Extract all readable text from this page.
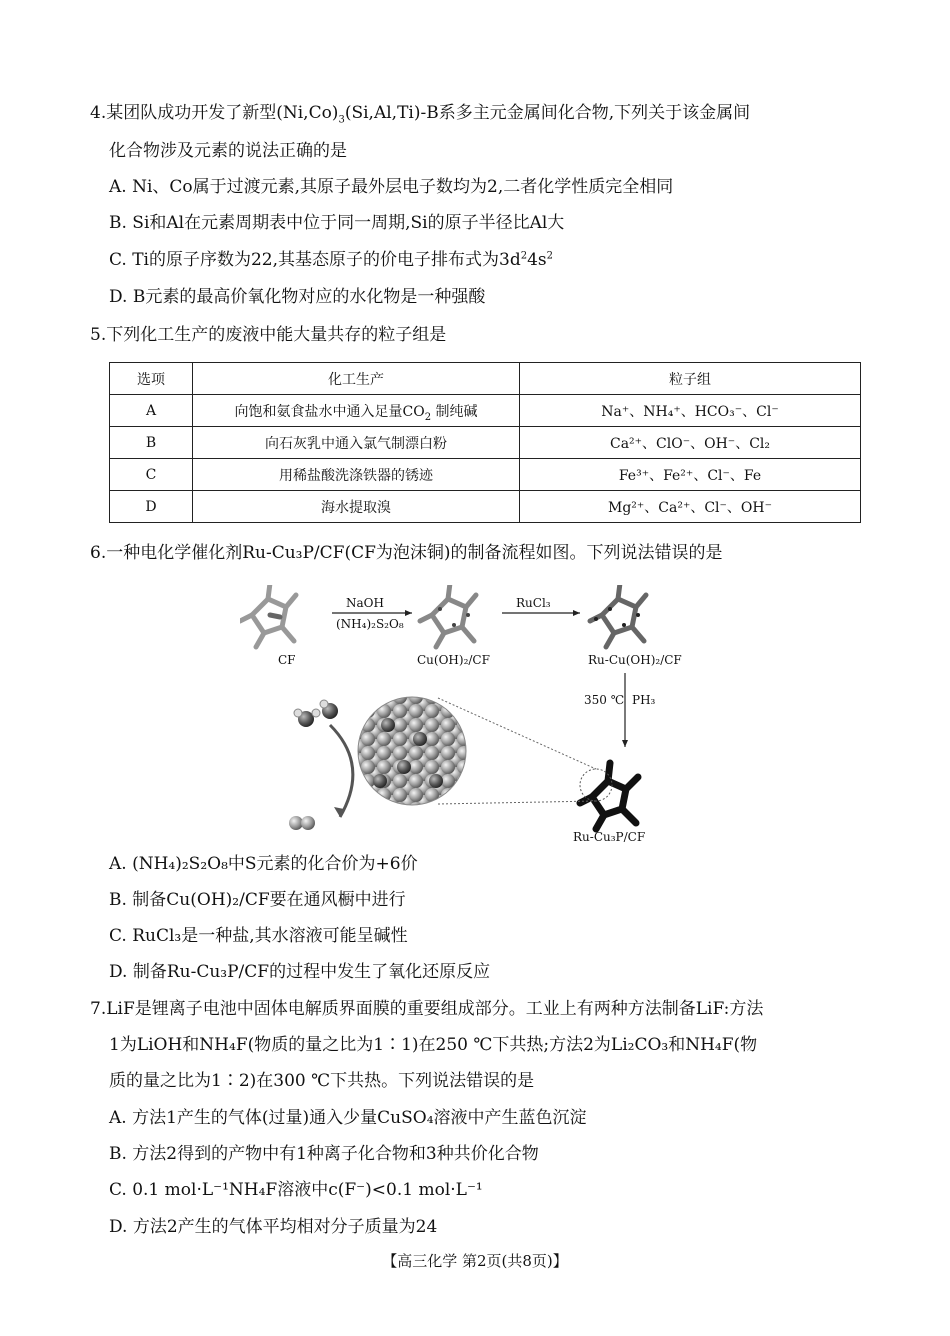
4.某团队成功开发了新型$(Ni,Co)_3(Si,Al,Ti)-B$系多主元金属间化合物,下列关于该金属间
化合物涉及元素的说法正确的是
A. Ni、Co属于过渡元素,其原子最外层电子数均为2,二者化学性质完全相同
B. Si和Al在元素周期表中位于同一周期,Si的原子半径比Al大
C. Ti的原子序数为22,其基态原子的价电子排布式为$3d^24s^2$
D. B元素的最高价氧化物对应的水化物是一种强酸
5.下列化工生产的废液中能大量共存的粒子组是
选项	化工生产	粒子组
A	向饱和氨食盐水中通入足量$CO_2$ 制纯碱	Na⁺、NH₄⁺、HCO₃⁻、Cl⁻
B	向石灰乳中通入氯气制漂白粉	Ca²⁺、ClO⁻、OH⁻、Cl₂
C	用稀盐酸洗涤铁器的锈迹	Fe³⁺、Fe²⁺、Cl⁻、Fe
D	海水提取溴	Mg²⁺、Ca²⁺、Cl⁻、OH⁻
6.一种电化学催化剂Ru-Cu₃P/CF(CF为泡沫铜)的制备流程如图。下列说法错误的是
CF
NaOH
(NH₄)₂S₂O₈
Cu(OH)₂/CF
RuCl₃
Ru-Cu(OH)₂/CF
350 ℃ PH₃
Ru-Cu₃P/CF
A. (NH₄)₂S₂O₈中S元素的化合价为+6价
B. 制备Cu(OH)₂/CF要在通风橱中进行
C. RuCl₃是一种盐,其水溶液可能呈碱性
D. 制备Ru-Cu₃P/CF的过程中发生了氧化还原反应
7.LiF是锂离子电池中固体电解质界面膜的重要组成部分。工业上有两种方法制备LiF:方法
1为LiOH和NH₄F(物质的量之比为1∶1)在250 ℃下共热;方法2为Li₂CO₃和NH₄F(物
质的量之比为1∶2)在300 ℃下共热。下列说法错误的是
A. 方法1产生的气体(过量)通入少量CuSO₄溶液中产生蓝色沉淀
B. 方法2得到的产物中有1种离子化合物和3种共价化合物
C. 0.1 mol·L⁻¹NH₄F溶液中c(F⁻)<0.1 mol·L⁻¹
D. 方法2产生的气体平均相对分子质量为24
【高三化学 第2页(共8页)】
